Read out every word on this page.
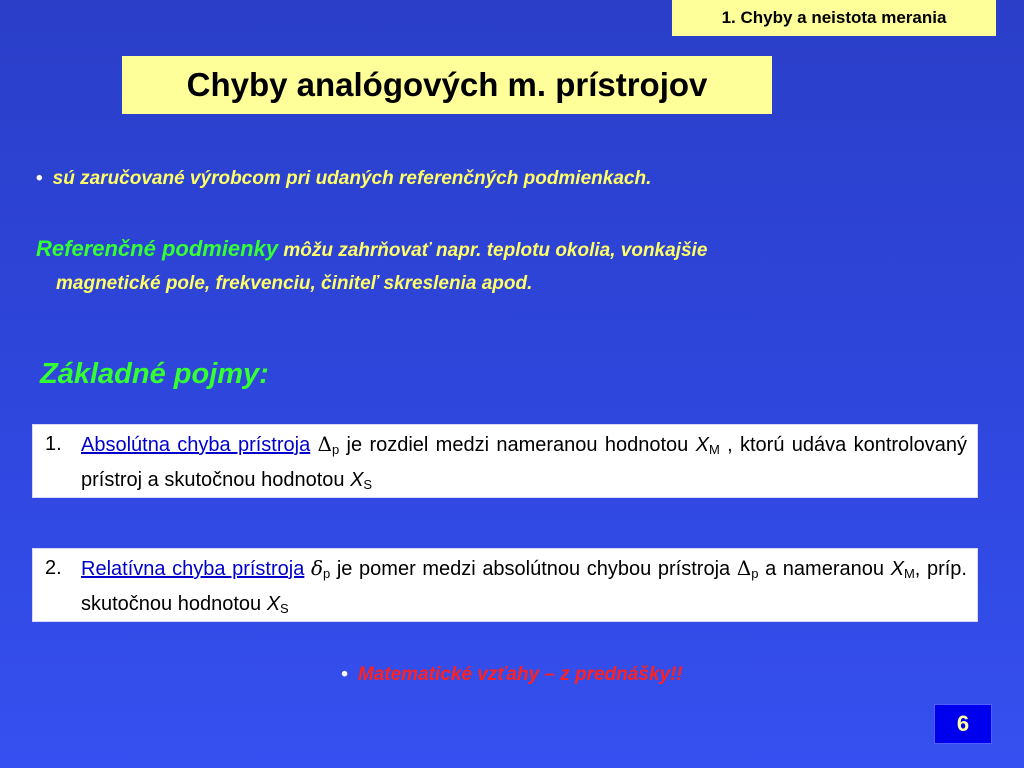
1. Chyby a neistota merania
Chyby analógových m. prístrojov
• sú zaručované výrobcom pri udaných referenčných podmienkach.
Referenčné podmienky môžu zahrňovať napr. teplotu okolia, vonkajšie
magnetické pole, frekvenciu, činiteľ skreslenia apod.
Základné pojmy:
1. Absolútna chyba prístroja $\Delta_p$ je rozdiel medzi nameranou hodnotou $X_M$ , ktorú udáva kontrolovaný prístroj a skutočnou hodnotou $X_S$
2. Relatívna chyba prístroja $\delta_p$ je pomer medzi absolútnou chybou prístroja $\Delta_p$ a nameranou $X_M$, príp. skutočnou hodnotou $X_S$
• Matematické vzťahy – z prednášky!!
6
